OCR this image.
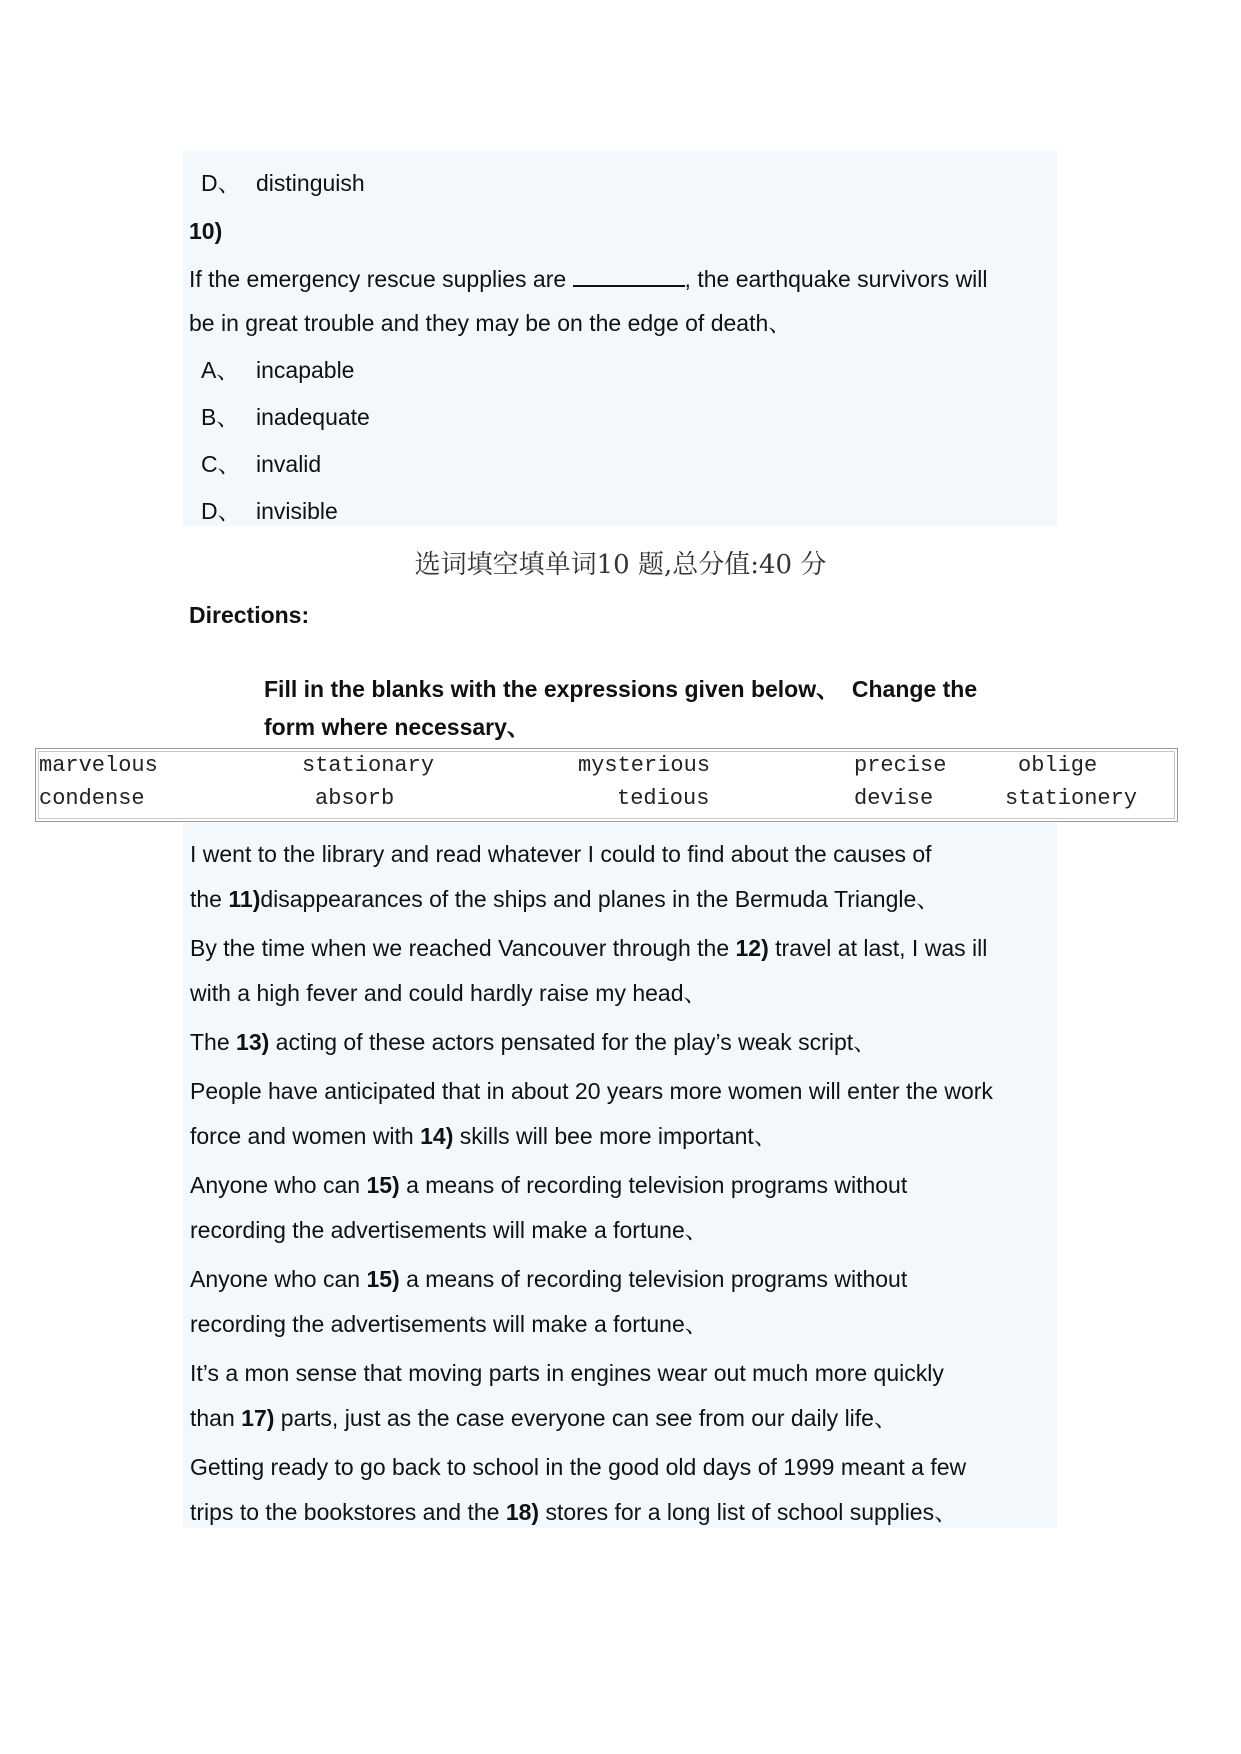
D、 distinguish
10)
If the emergency rescue supplies are	, the earthquake survivors will
be in great trouble and they may be on the edge of death、
A、 incapable
B、 inadequate
C、 invalid
D、 invisible
选词填空填单词10 题,总分值:40 分
Directions:
Fill in the blanks with the expressions given below、  Change the
form where necessary、
marvelous	stationary	mysterious	precise	oblige
condense	absorb	tedious	devise	stationery
I went to the library and read whatever I could to find about the causes of
the 11)disappearances of the ships and planes in the Bermuda Triangle、
By the time when we reached Vancouver through the 12) travel at last, I was ill
with a high fever and could hardly raise my head、
The 13) acting of these actors pensated for the play’s weak script、
People have anticipated that in about 20 years more women will enter the work
force and women with 14) skills will bee more important、
Anyone who can 15) a means of recording television programs without
recording the advertisements will make a fortune、
Anyone who can 15) a means of recording television programs without
recording the advertisements will make a fortune、
It’s a mon sense that moving parts in engines wear out much more quickly
than 17) parts, just as the case everyone can see from our daily life、
Getting ready to go back to school in the good old days of 1999 meant a few
trips to the bookstores and the 18) stores for a long list of school supplies、
